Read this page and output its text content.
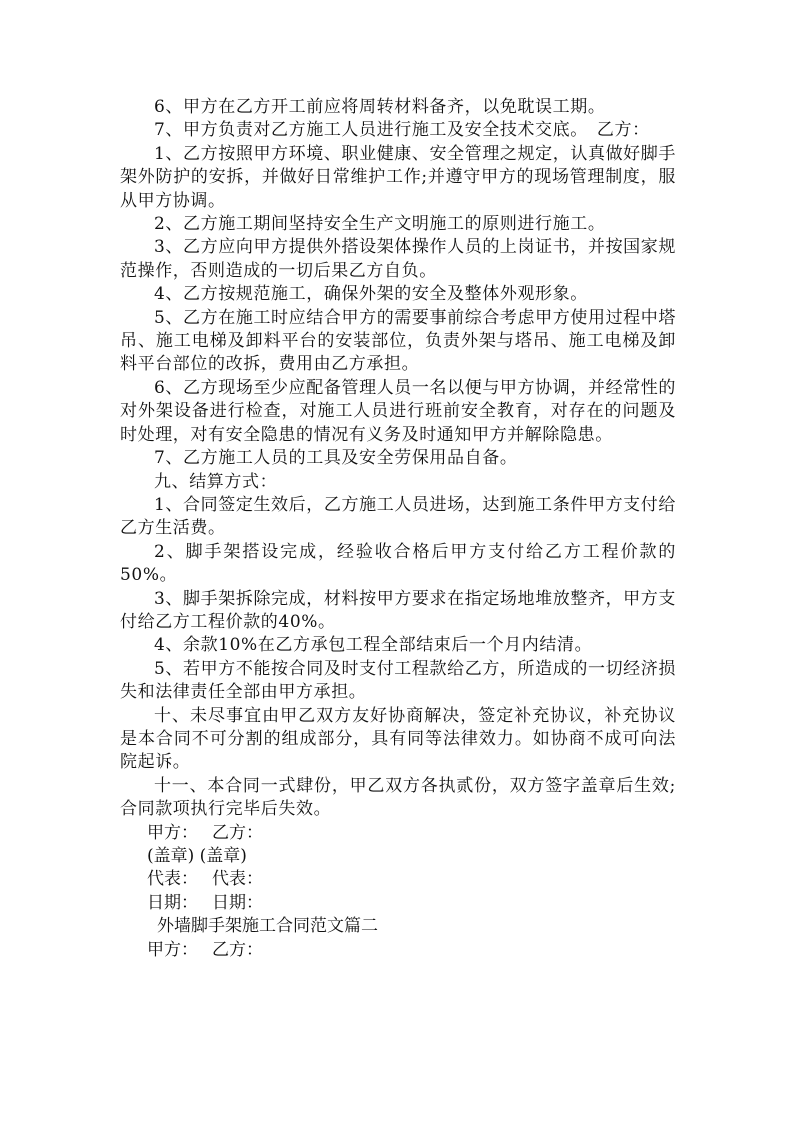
6、甲方在乙方开工前应将周转材料备齐，以免耽误工期。

7、甲方负责对乙方施工人员进行施工及安全技术交底。　乙方：

1、乙方按照甲方环境、职业健康、安全管理之规定，认真做好脚手架外防护的安拆，并做好日常维护工作;并遵守甲方的现场管理制度，服从甲方协调。

2、乙方施工期间坚持安全生产文明施工的原则进行施工。

3、乙方应向甲方提供外搭设架体操作人员的上岗证书，并按国家规范操作，否则造成的一切后果乙方自负。

4、乙方按规范施工，确保外架的安全及整体外观形象。

5、乙方在施工时应结合甲方的需要事前综合考虑甲方使用过程中塔吊、施工电梯及卸料平台的安装部位，负责外架与塔吊、施工电梯及卸料平台部位的改拆，费用由乙方承担。

6、乙方现场至少应配备管理人员一名以便与甲方协调，并经常性的对外架设备进行检查，对施工人员进行班前安全教育，对存在的问题及时处理，对有安全隐患的情况有义务及时通知甲方并解除隐患。

7、乙方施工人员的工具及安全劳保用品自备。

九、结算方式：

1、合同签定生效后，乙方施工人员进场，达到施工条件甲方支付给乙方生活费。

2、脚手架搭设完成，经验收合格后甲方支付给乙方工程价款的50%。

3、脚手架拆除完成，材料按甲方要求在指定场地堆放整齐，甲方支付给乙方工程价款的40%。

4、余款10%在乙方承包工程全部结束后一个月内结清。

5、若甲方不能按合同及时支付工程款给乙方，所造成的一切经济损失和法律责任全部由甲方承担。

十、未尽事宜由甲乙双方友好协商解决，签定补充协议，补充协议是本合同不可分割的组成部分，具有同等法律效力。如协商不成可向法院起诉。

十一、本合同一式肆份，甲乙双方各执贰份，双方签字盖章后生效;合同款项执行完毕后失效。

甲方： 乙方：

(盖章) (盖章)

代表： 代表：

日期： 日期：

外墙脚手架施工合同范文篇二

甲方： 乙方：
